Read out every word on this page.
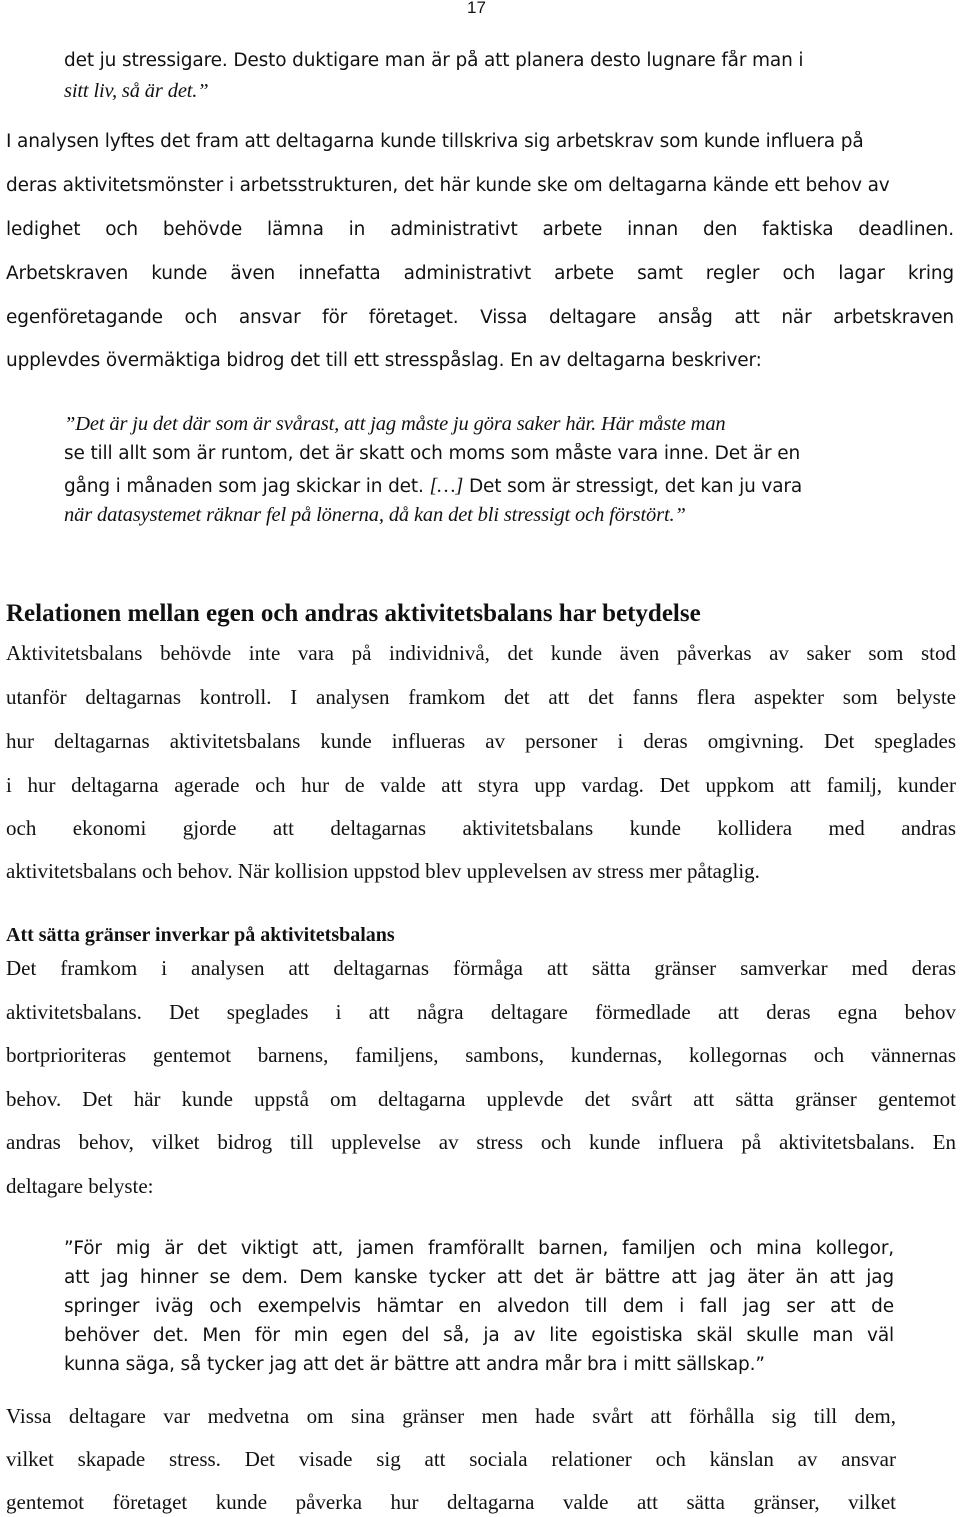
17
det ju stressigare. Desto duktigare man är på att planera desto lugnare får man i
sitt liv, så är det.”
I analysen lyftes det fram att deltagarna kunde tillskriva sig arbetskrav som kunde influera på
deras aktivitetsmönster i arbetsstrukturen, det här kunde ske om deltagarna kände ett behov av
ledighet och behövde lämna in administrativt arbete innan den faktiska deadlinen.
Arbetskraven kunde även innefatta administrativt arbete samt regler och lagar kring
egenföretagande och ansvar för företaget. Vissa deltagare ansåg att när arbetskraven
upplevdes övermäktiga bidrog det till ett stresspåslag. En av deltagarna beskriver:
”Det är ju det där som är svårast, att jag måste ju göra saker här. Här måste man
se till allt som är runtom, det är skatt och moms som måste vara inne. Det är en
gång i månaden som jag skickar in det. […] Det som är stressigt, det kan ju vara
när datasystemet räknar fel på lönerna, då kan det bli stressigt och förstört.”
Relationen mellan egen och andras aktivitetsbalans har betydelse
Aktivitetsbalans behövde inte vara på individnivå, det kunde även påverkas av saker som stod
utanför deltagarnas kontroll. I analysen framkom det att det fanns flera aspekter som belyste
hur deltagarnas aktivitetsbalans kunde influeras av personer i deras omgivning. Det speglades
i hur deltagarna agerade och hur de valde att styra upp vardag. Det uppkom att familj, kunder
och ekonomi gjorde att deltagarnas aktivitetsbalans kunde kollidera med andras
aktivitetsbalans och behov. När kollision uppstod blev upplevelsen av stress mer påtaglig.
Att sätta gränser inverkar på aktivitetsbalans
Det framkom i analysen att deltagarnas förmåga att sätta gränser samverkar med deras
aktivitetsbalans. Det speglades i att några deltagare förmedlade att deras egna behov
bortprioriteras gentemot barnens, familjens, sambons, kundernas, kollegornas och vännernas
behov. Det här kunde uppstå om deltagarna upplevde det svårt att sätta gränser gentemot
andras behov, vilket bidrog till upplevelse av stress och kunde influera på aktivitetsbalans. En
deltagare belyste:
”För mig är det viktigt att, jamen framförallt barnen, familjen och mina kollegor,
att jag hinner se dem. Dem kanske tycker att det är bättre att jag äter än att jag
springer iväg och exempelvis hämtar en alvedon till dem i fall jag ser att de
behöver det. Men för min egen del så, ja av lite egoistiska skäl skulle man väl
kunna säga, så tycker jag att det är bättre att andra mår bra i mitt sällskap.”
Vissa deltagare var medvetna om sina gränser men hade svårt att förhålla sig till dem,
vilket skapade stress. Det visade sig att sociala relationer och känslan av ansvar
gentemot företaget kunde påverka hur deltagarna valde att sätta gränser, vilket
